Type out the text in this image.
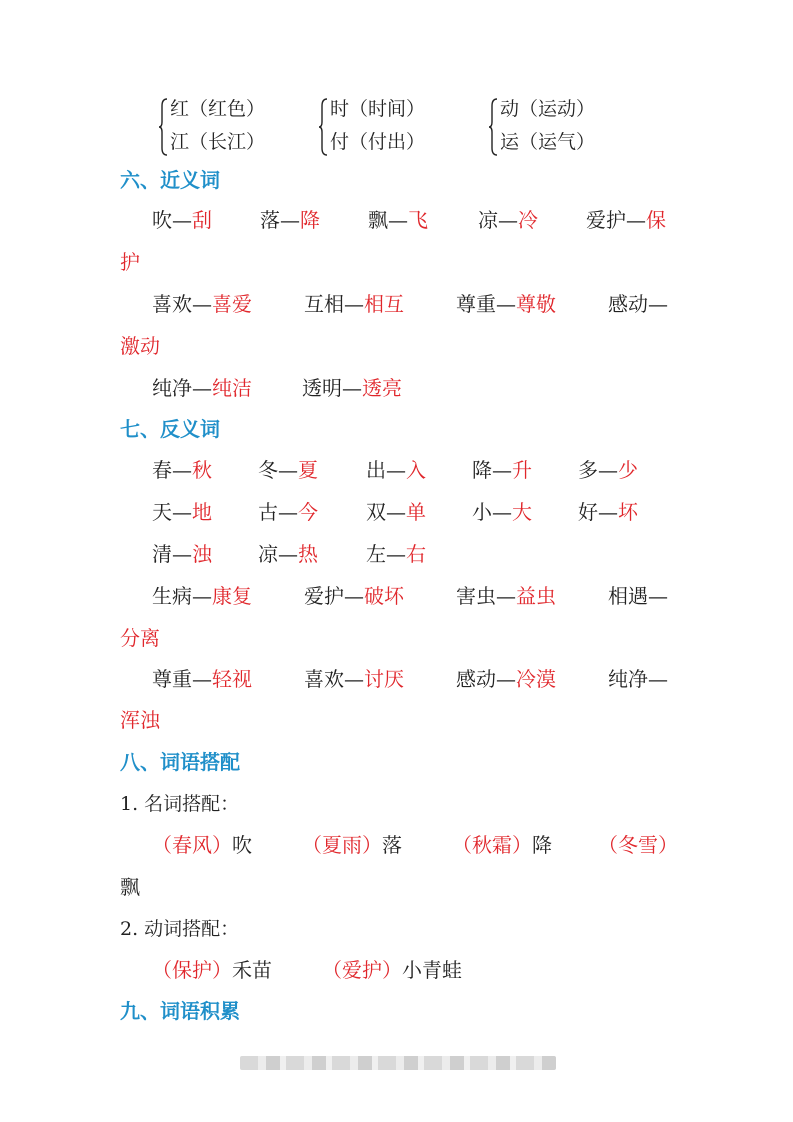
红（红色）
江（长江）
时（时间）
付（付出）
动（运动）
运（运气）
六、近义词
吹—刮 落—降 飘—飞	凉—冷 爱护—保
护
喜欢—喜爱	互相—相互	尊重—尊敬	感动—
激动
纯净—纯洁	透明—透亮
七、反义词
春—秋 冬—夏 出—入 降—升 多—少
天—地 古—今 双—单 小—大 好—坏
清—浊 凉—热 左—右
生病—康复	爱护—破坏	害虫—益虫	相遇—
分离
尊重—轻视	喜欢—讨厌	感动—冷漠	纯净—
浑浊
八、词语搭配
1. 名词搭配：
（春风）吹	（夏雨）落	（秋霜）降 （冬雪）
飘
2. 动词搭配：
（保护）禾苗	（爱护）小青蛙
九、词语积累
